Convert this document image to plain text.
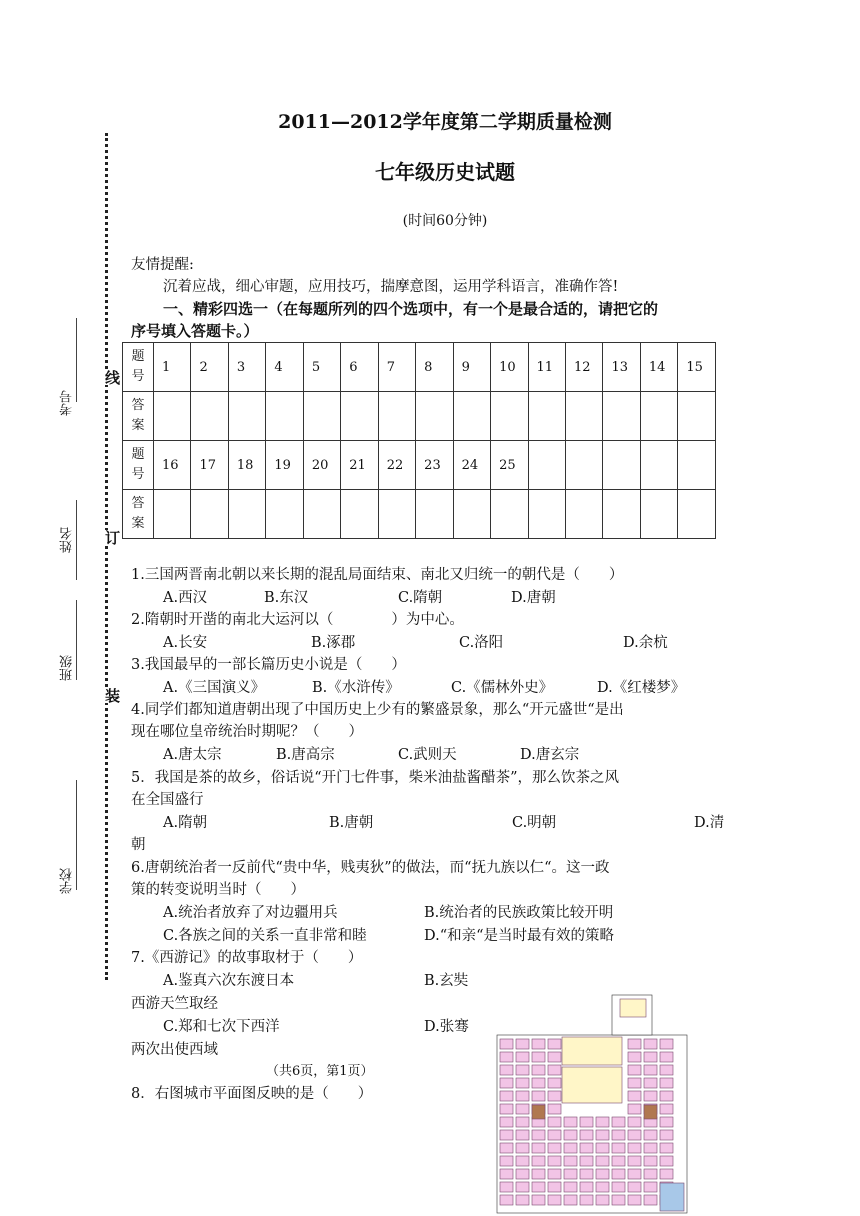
2011—2012学年度第二学期质量检测
七年级历史试题
(时间60分钟)
考号
姓名
班级
学校
线
订
装
友情提醒:
沉着应战，细心审题，应用技巧，揣摩意图，运用学科语言，准确作答!
一、精彩四选一（在每题所列的四个选项中，有一个是最合适的，请把它的
序号填入答题卡。）
题号	1	2	3	4	5	6	7	8	9	10	11	12	13	14	15
答案															
题号	16	17	18	19	20	21	22	23	24	25					
答案															
1.三国两晋南北朝以来长期的混乱局面结束、南北又归统一的朝代是（　　）
A.西汉	B.东汉	C.隋朝	D.唐朝
2.隋朝时开凿的南北大运河以（　　　　）为中心。
A.长安	B.涿郡	C.洛阳	D.余杭
3.我国最早的一部长篇历史小说是（　　）
A.《三国演义》	B.《水浒传》	C.《儒林外史》	D.《红楼梦》
4.同学们都知道唐朝出现了中国历史上少有的繁盛景象，那么“开元盛世“是出
现在哪位皇帝统治时期呢？（　　）
A.唐太宗	B.唐高宗	C.武则天	D.唐玄宗
5．我国是茶的故乡，俗话说“开门七件事，柴米油盐酱醋茶”，那么饮茶之风
在全国盛行
A.隋朝	B.唐朝	C.明朝	D.清
朝
6.唐朝统治者一反前代“贵中华，贱夷狄”的做法，而“抚九族以仁“。这一政
策的转变说明当时（　　）
A.统治者放弃了对边疆用兵	B.统治者的民族政策比较开明
C.各族之间的关系一直非常和睦	D.“和亲“是当时最有效的策略
7.《西游记》的故事取材于（　　）
A.鉴真六次东渡日本	B.玄奘
西游天竺取经
C.郑和七次下西洋	D.张骞
两次出使西域
（共6页，第1页）
8．右图城市平面图反映的是（　　）
